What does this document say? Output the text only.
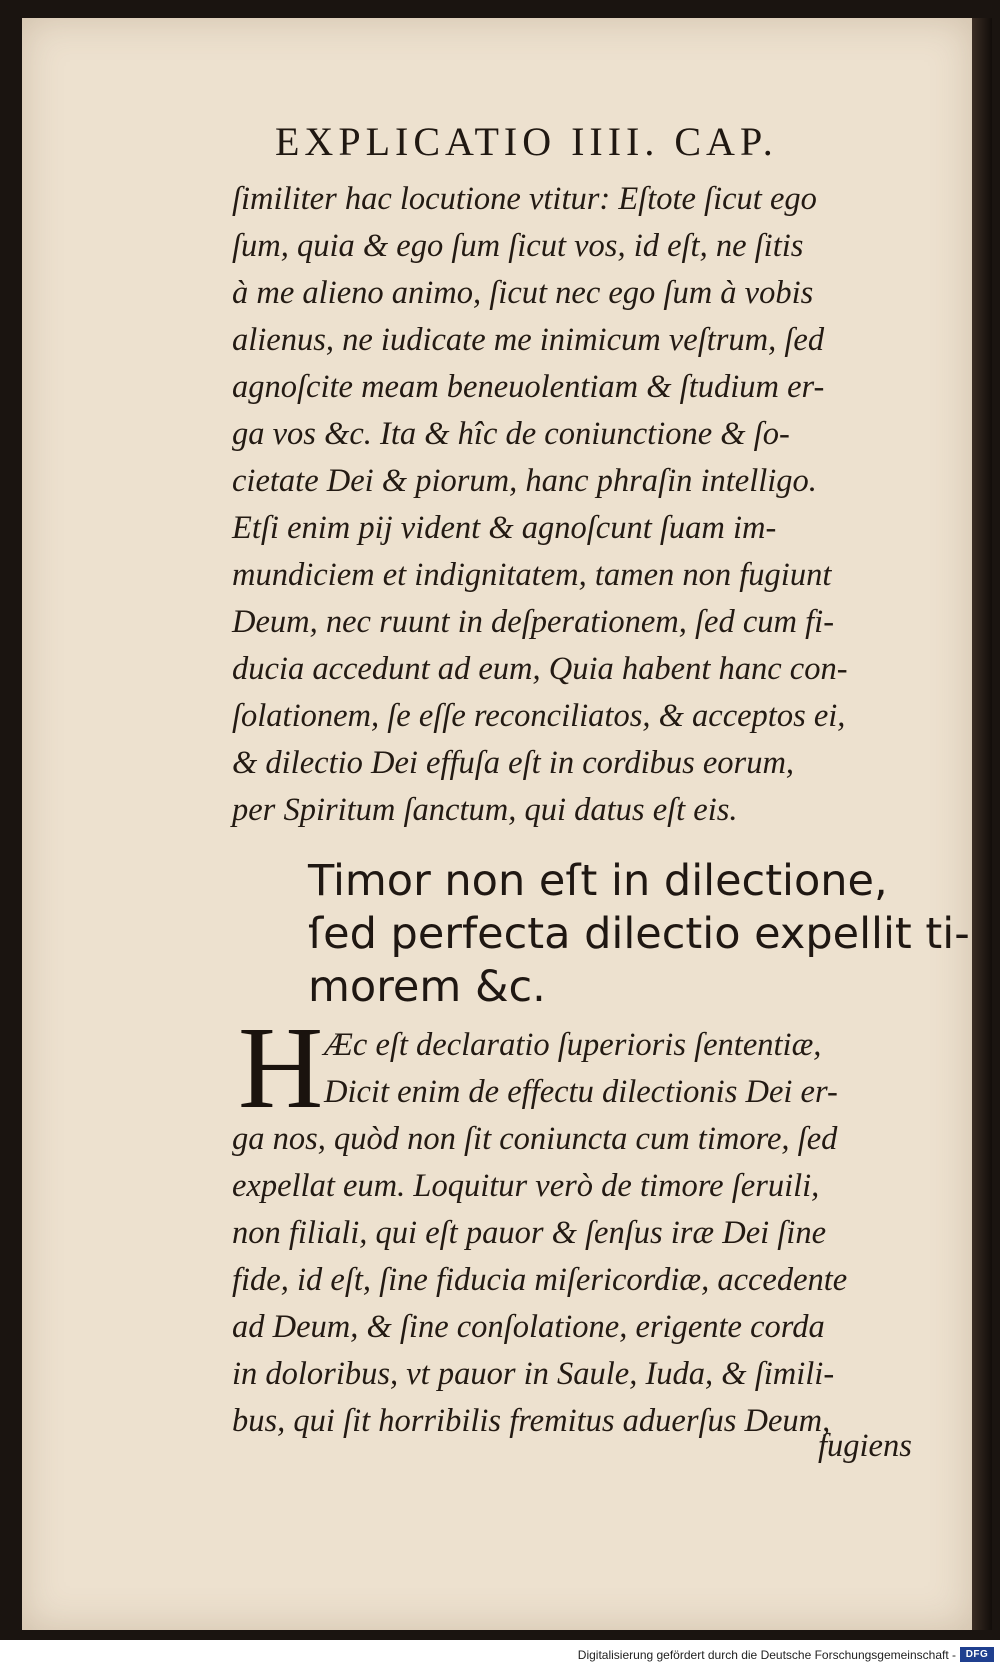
EXPLICATIO IIII. CAP.
ſimiliter hac locutione vtitur: Eſtote ſicut ego
ſum, quia & ego ſum ſicut vos, id eſt, ne ſitis
à me alieno animo, ſicut nec ego ſum à vobis
alienus, ne iudicate me inimicum veſtrum, ſed
agnoſcite meam beneuolentiam & ſtudium er-
ga vos &c. Ita & hîc de coniunctione & ſo-
cietate Dei & piorum, hanc phraſin intelligo.
Etſi enim pij vident & agnoſcunt ſuam im-
mundiciem et indignitatem, tamen non fugiunt
Deum, nec ruunt in deſperationem, ſed cum fi-
ducia accedunt ad eum, Quia habent hanc con-
ſolationem, ſe eſſe reconciliatos, & acceptos ei,
& dilectio Dei effuſa eſt in cordibus eorum,
per Spiritum ſanctum, qui datus eſt eis.
Timor non eſt in dilectione,
ſed perfecta dilectio expellit ti-
morem &c.
H Æc eſt declaratio ſuperioris ſententiæ,
Dicit enim de effectu dilectionis Dei er-
ga nos, quòd non ſit coniuncta cum timore, ſed
expellat eum. Loquitur verò de timore ſeruili,
non filiali, qui eſt pauor & ſenſus iræ Dei ſine
fide, id eſt, ſine fiducia miſericordiæ, accedente
ad Deum, & ſine conſolatione, erigente corda
in doloribus, vt pauor in Saule, Iuda, & ſimili-
bus, qui ſit horribilis fremitus aduerſus Deum,
fugiens
Digitalisierung gefördert durch die Deutsche Forschungsgemeinschaft - DFG
